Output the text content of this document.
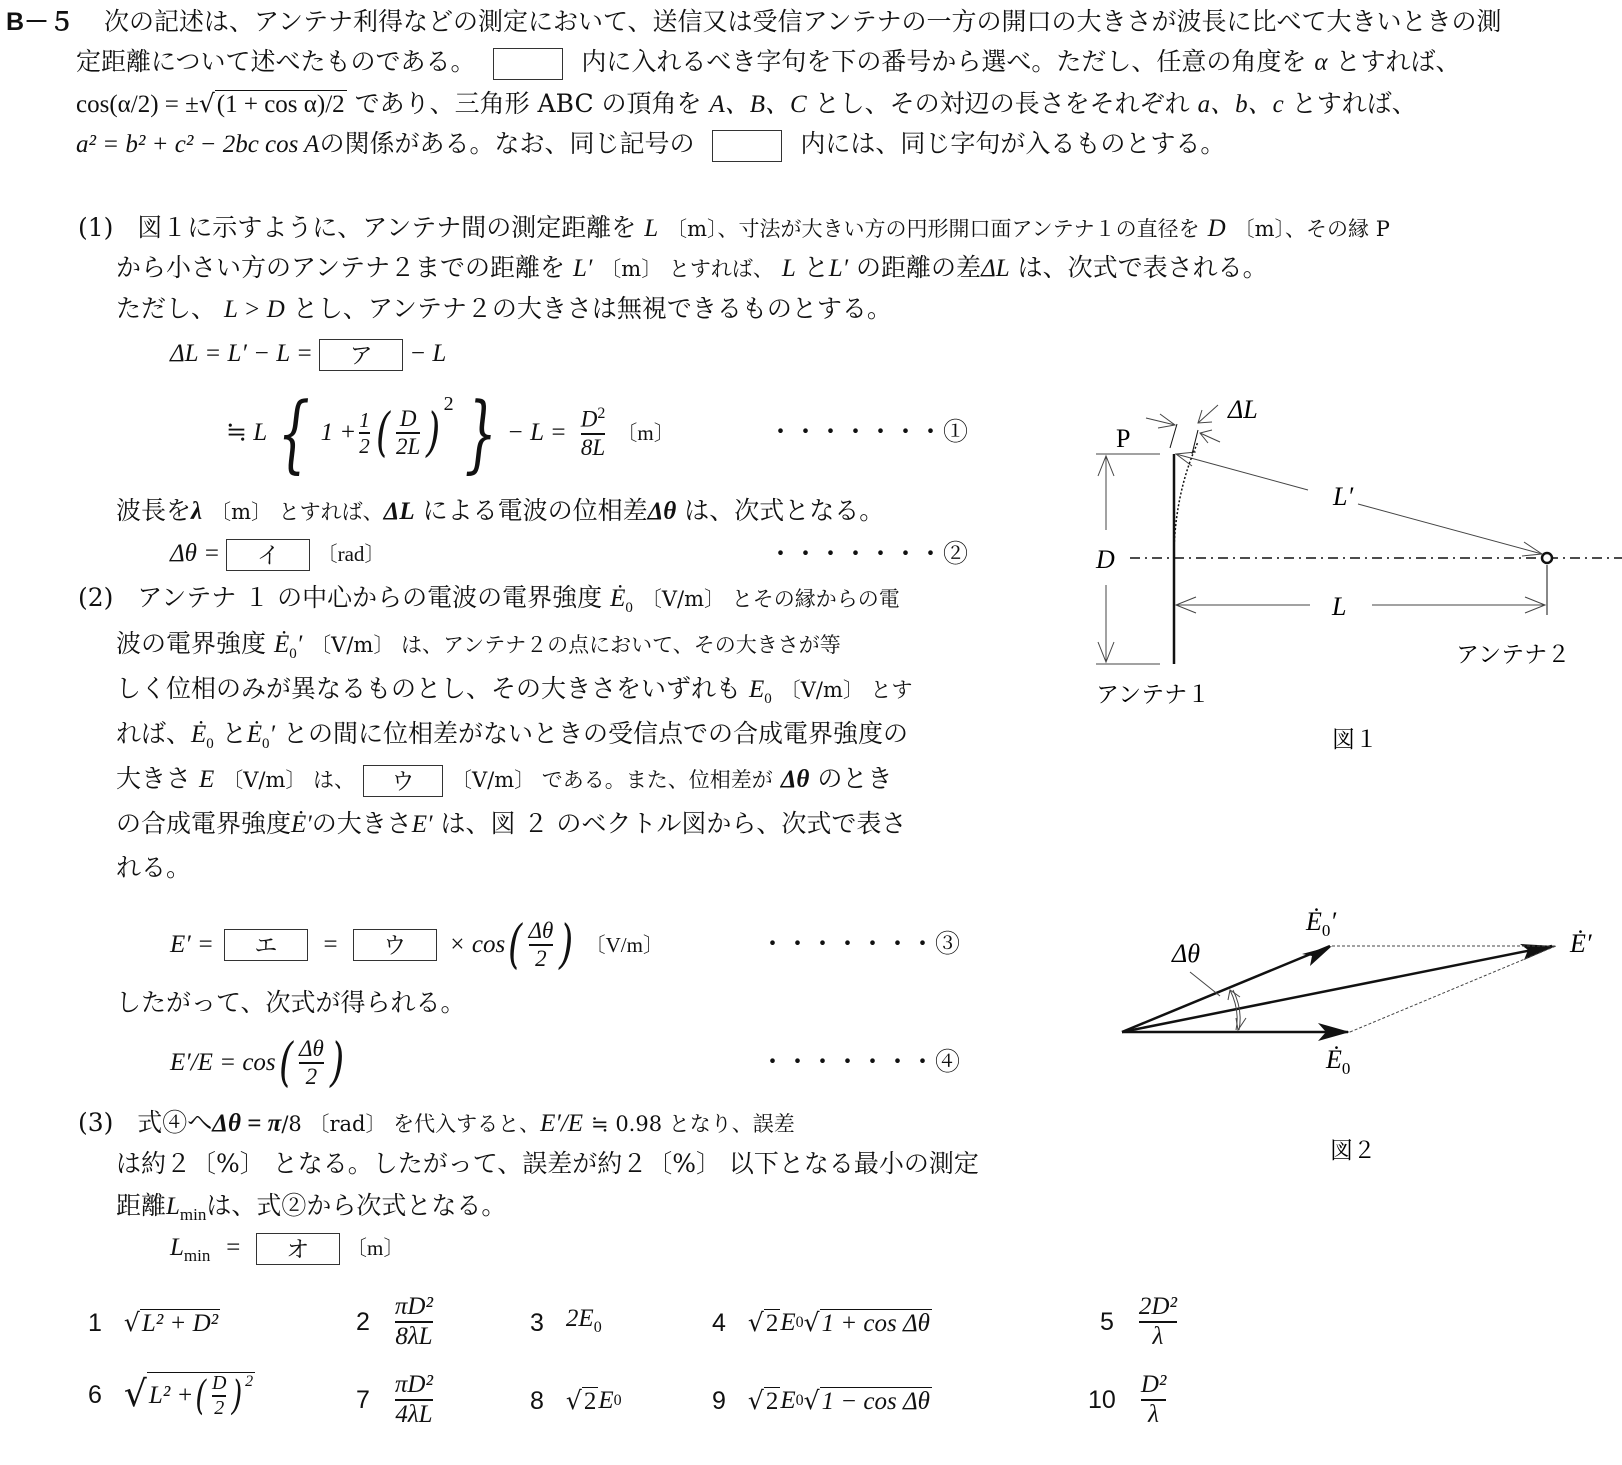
B－５ 次の記述は、アンテナ利得などの測定において、送信又は受信アンテナの一方の開口の大きさが波長に比べて大きいときの測
定距離について述べたものである。	内に入れるべき字句を下の番号から選べ。ただし、任意の角度を α とすれば、
cos(α/2) = ±√(1 + cos α)/2 であり、三角形 ABC の頂角を A、B、C とし、その対辺の長さをそれぞれ a、b、c とすれば、
a² = b² + c² − 2bc cos Aの関係がある。なお、同じ記号の	内には、同じ字句が入るものとする。
(1) 図１に示すように、アンテナ間の測定距離を L 〔m〕、寸法が大きい方の円形開口面アンテナ１の直径を D 〔m〕、その縁 P
から小さい方のアンテナ２までの距離を L′ 〔m〕 とすれば、 L とL′ の距離の差ΔL は、次式で表される。
ただし、 L > D とし、アンテナ２の大きさは無視できるものとする。
ΔL = L′ − L = ア − L
≒ L { $1 + \frac{1}{2}$ ( $\frac{D}{2L} )^2$ } − $L = \frac{D^2}{8L}$ 〔m〕	・・・・・・・①
波長をλ 〔m〕 とすれば、ΔL による電波の位相差Δθ は、次式となる。
Δθ = イ 〔rad〕	・・・・・・・②
(2) アンテナ １ の中心からの電波の電界強度 $Ė_0$ 〔V/m〕 とその縁からの電
波の電界強度 $Ė_0'$ 〔V/m〕 は、アンテナ２の点において、その大きさが等
しく位相のみが異なるものとし、その大きさをいずれも $E_0$ 〔V/m〕 とす
れば、$Ė_0$ と$Ė_0'$ との間に位相差がないときの受信点での合成電界強度の
大きさ E 〔V/m〕 は、 ウ 〔V/m〕 である。また、位相差が Δθ のとき
の合成電界強度Ė′の大きさE′ は、図 ２ のベクトル図から、次式で表さ
れる。
E′ =	エ	=	ウ	× cos ( $\frac{\Delta\theta}{2}$ ) 〔V/m〕	・・・・・・・③
したがって、次式が得られる。
E′/E = cos ( $\frac{\Delta\theta}{2}$ )	・・・・・・・④
(3) 式④へΔθ = π/8 〔rad〕 を代入すると、E′/E ≒ 0.98 となり、誤差
は約２〔%〕 となる。したがって、誤差が約２〔%〕 以下となる最小の測定
距離$L_{min}$は、式②から次式となる。
$L_{min}$ = オ 〔m〕
P
ΔL
L′
D
L
アンテナ２
アンテナ１
図１
Δθ
$Ė_0'$
Ė′
$Ė_0$
図２
1 √ L² + D²	$2 \frac{\text{πD²}}{8\lambda L}$	3 $2E_0$	4 √ 2 E 0 √ 1 + cos Δθ	$5 \frac{\text{2D²}}{\lambda}$
6 √ L² + ( $\frac{D}{2} )^2$
$7 \frac{\text{πD²}}{4\lambda L}$	8 √ 2 E 0	9 √ 2 E 0 √ 1 − cos Δθ	$10 \frac{\text{D²}}{\lambda}$
